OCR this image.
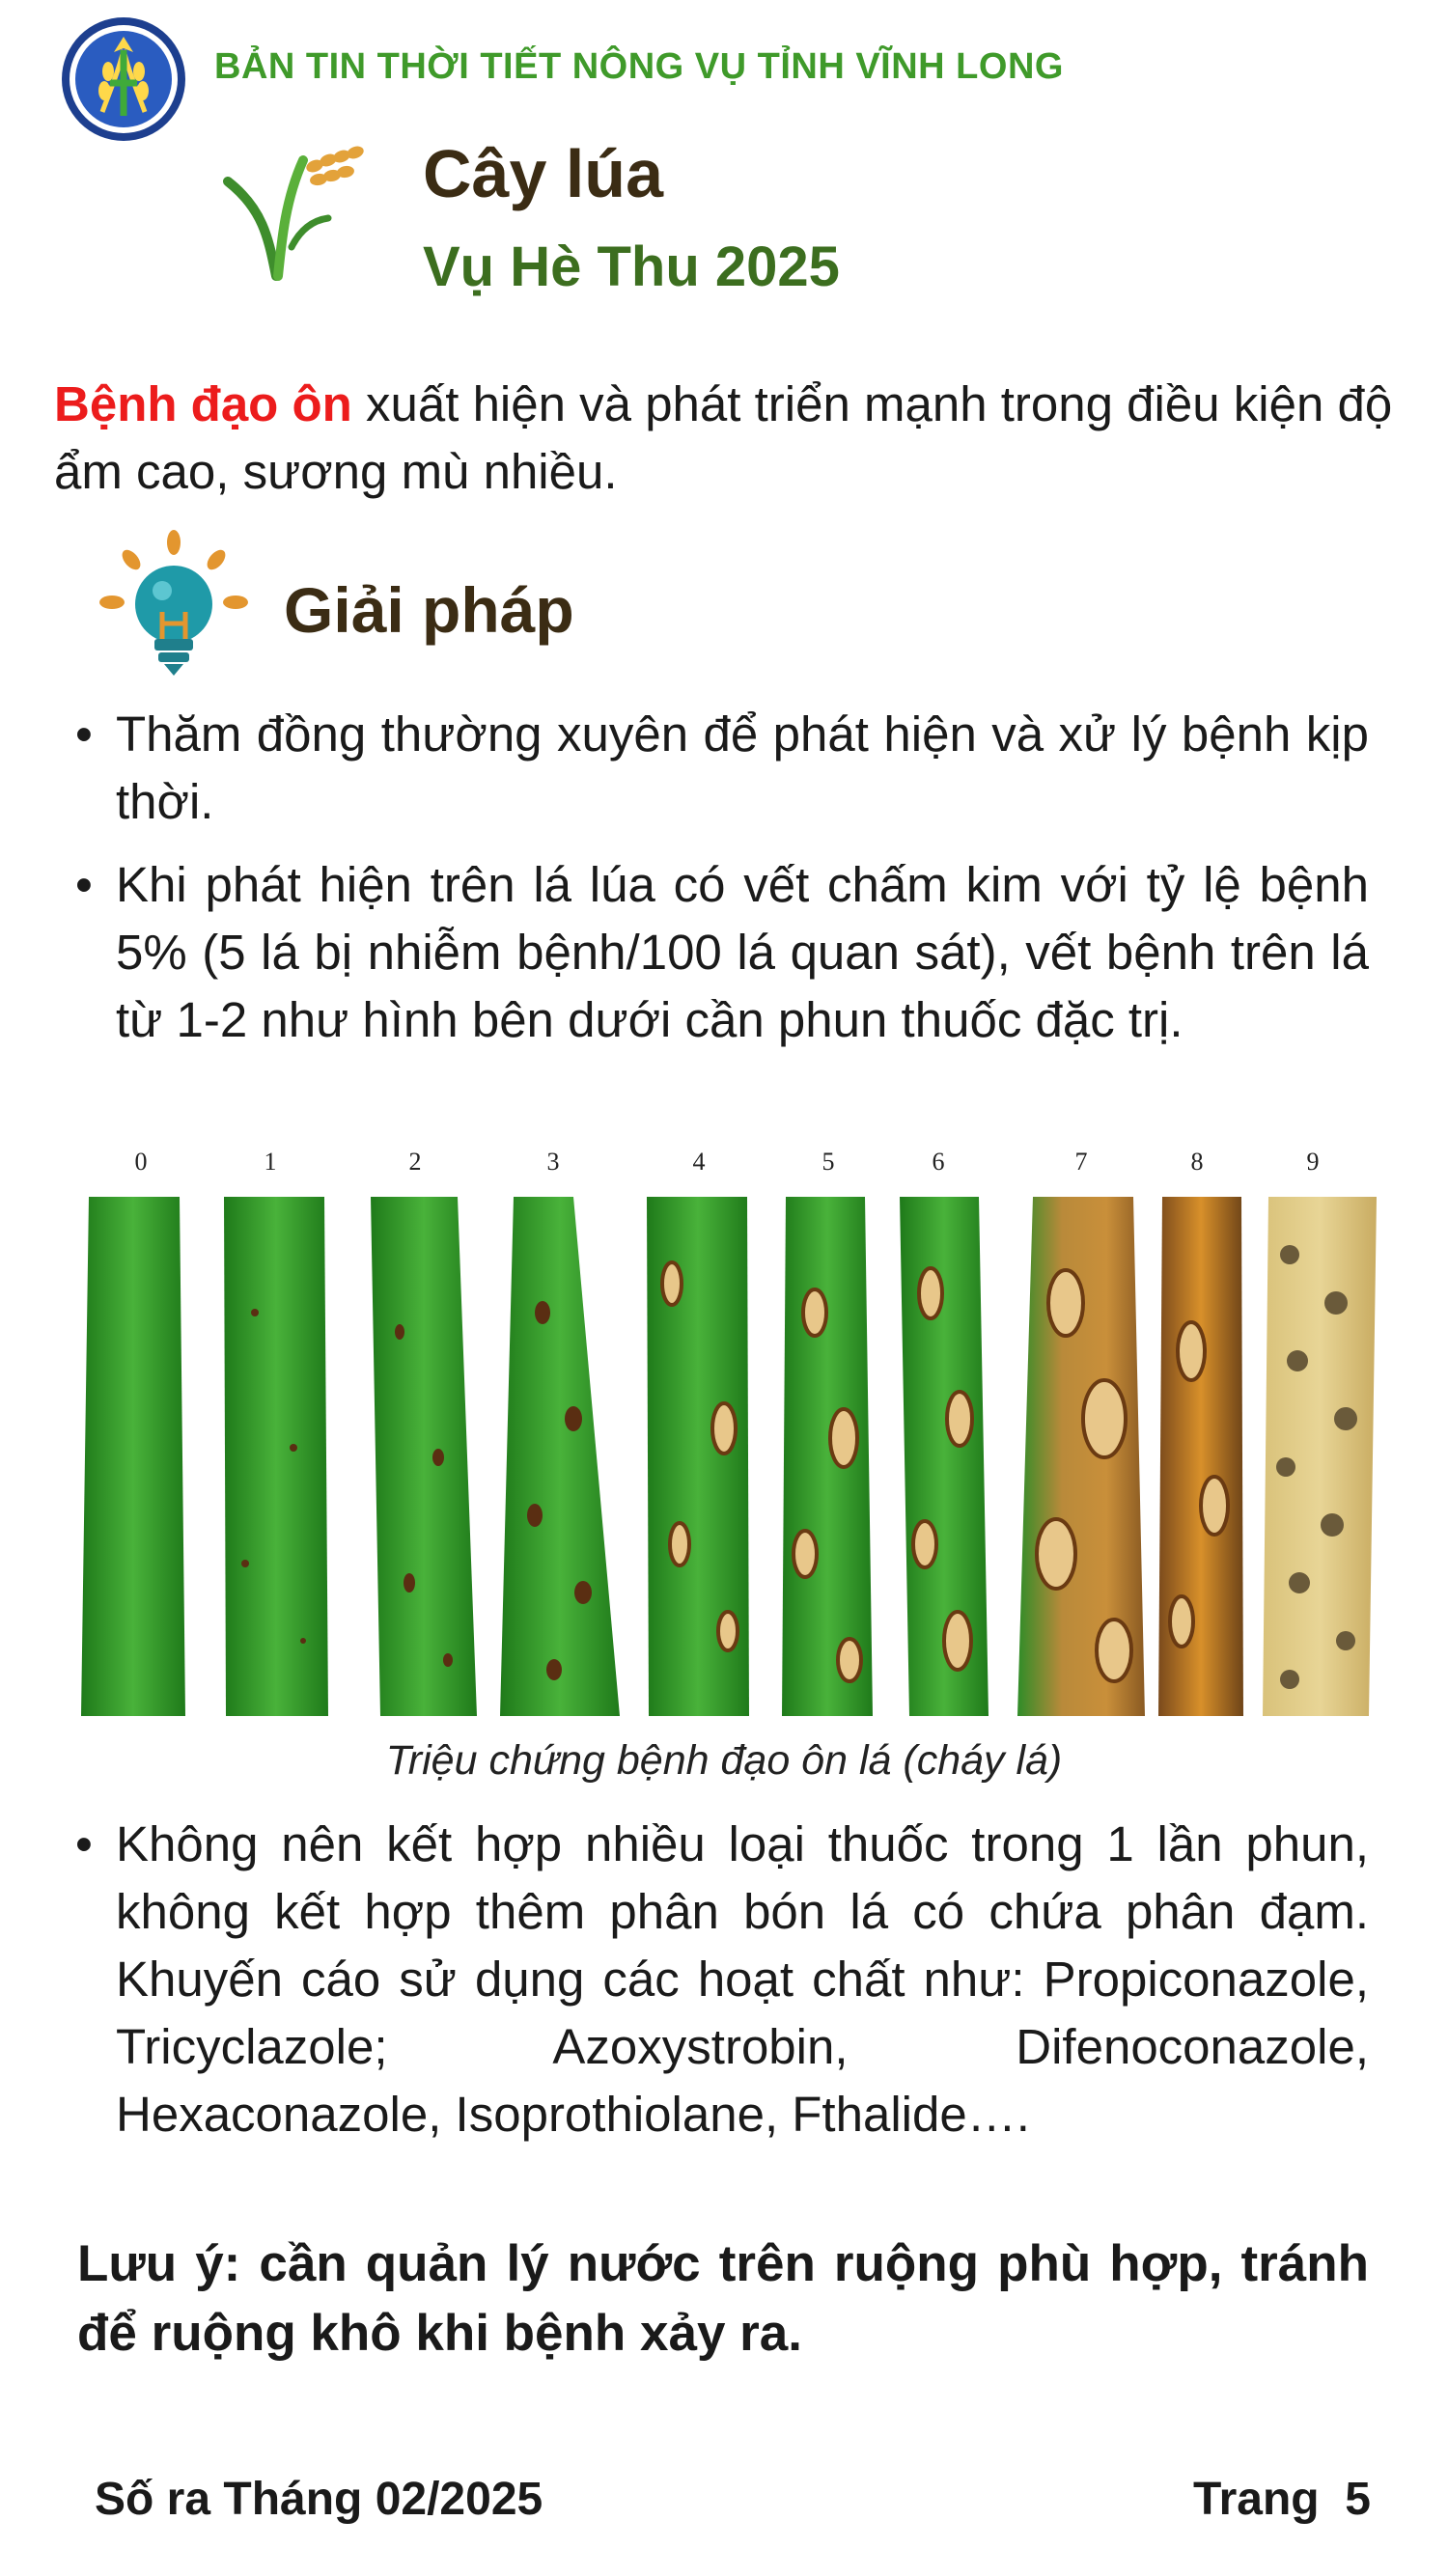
BẢN TIN THỜI TIẾT NÔNG VỤ TỈNH VĨNH LONG
Cây lúa
Vụ Hè Thu 2025
Bệnh đạo ôn xuất hiện và phát triển mạnh trong điều kiện độ ẩm cao, sương mù nhiều.
Giải pháp
• Thăm đồng thường xuyên để phát hiện và xử lý bệnh kịp thời.
• Khi phát hiện trên lá lúa có vết chấm kim với tỷ lệ bệnh 5% (5 lá bị nhiễm bệnh/100 lá quan sát), vết bệnh trên lá từ 1-2 như hình bên dưới cần phun thuốc đặc trị.
0	1	2	3	4	5	6	7	8	9
Triệu chứng bệnh đạo ôn lá (cháy lá)
• Không nên kết hợp nhiều loại thuốc trong 1 lần phun, không kết hợp thêm phân bón lá có chứa phân đạm. Khuyến cáo sử dụng các hoạt chất như: Propiconazole, Tricyclazole; Azoxystrobin, Difenoconazole, Hexaconazole, Isoprothiolane, Fthalide….
Lưu ý: cần quản lý nước trên ruộng phù hợp, tránh để ruộng khô khi bệnh xảy ra.
Số ra Tháng 02/2025	Trang  5
